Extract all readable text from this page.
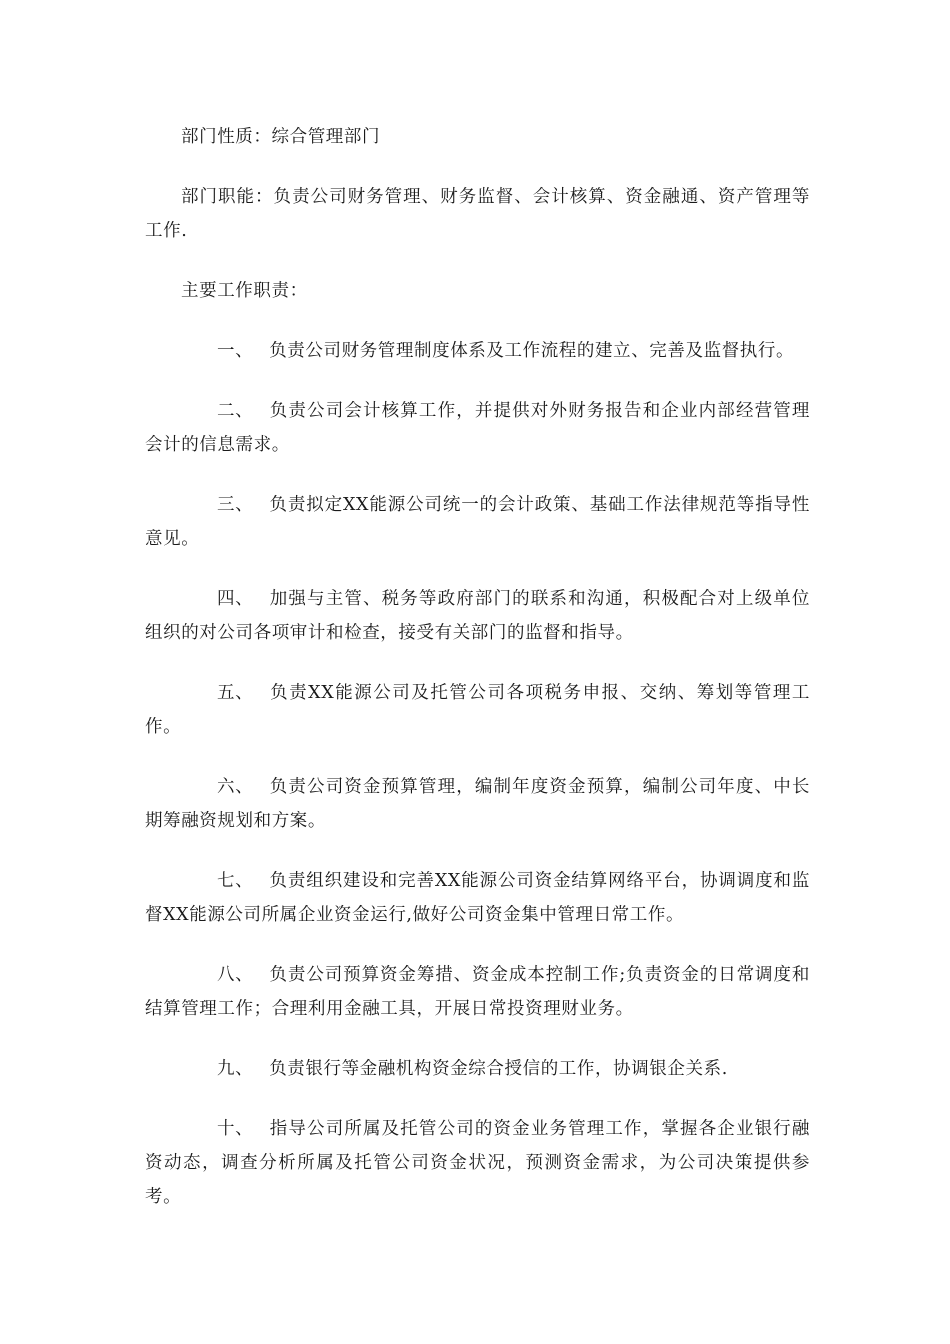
部门性质：综合管理部门

部门职能：负责公司财务管理、财务监督、会计核算、资金融通、资产管理等工作.

主要工作职责：

一、 负责公司财务管理制度体系及工作流程的建立、完善及监督执行。

二、 负责公司会计核算工作，并提供对外财务报告和企业内部经营管理会计的信息需求。

三、 负责拟定XX能源公司统一的会计政策、基础工作法律规范等指导性意见。

四、 加强与主管、税务等政府部门的联系和沟通，积极配合对上级单位组织的对公司各项审计和检查，接受有关部门的监督和指导。

五、 负责XX能源公司及托管公司各项税务申报、交纳、筹划等管理工作。

六、 负责公司资金预算管理，编制年度资金预算，编制公司年度、中长期筹融资规划和方案。

七、 负责组织建设和完善XX能源公司资金结算网络平台，协调调度和监督XX能源公司所属企业资金运行,做好公司资金集中管理日常工作。

八、 负责公司预算资金筹措、资金成本控制工作;负责资金的日常调度和结算管理工作；合理利用金融工具，开展日常投资理财业务。

九、 负责银行等金融机构资金综合授信的工作，协调银企关系.

十、 指导公司所属及托管公司的资金业务管理工作，掌握各企业银行融资动态，调查分析所属及托管公司资金状况，预测资金需求，为公司决策提供参考。
